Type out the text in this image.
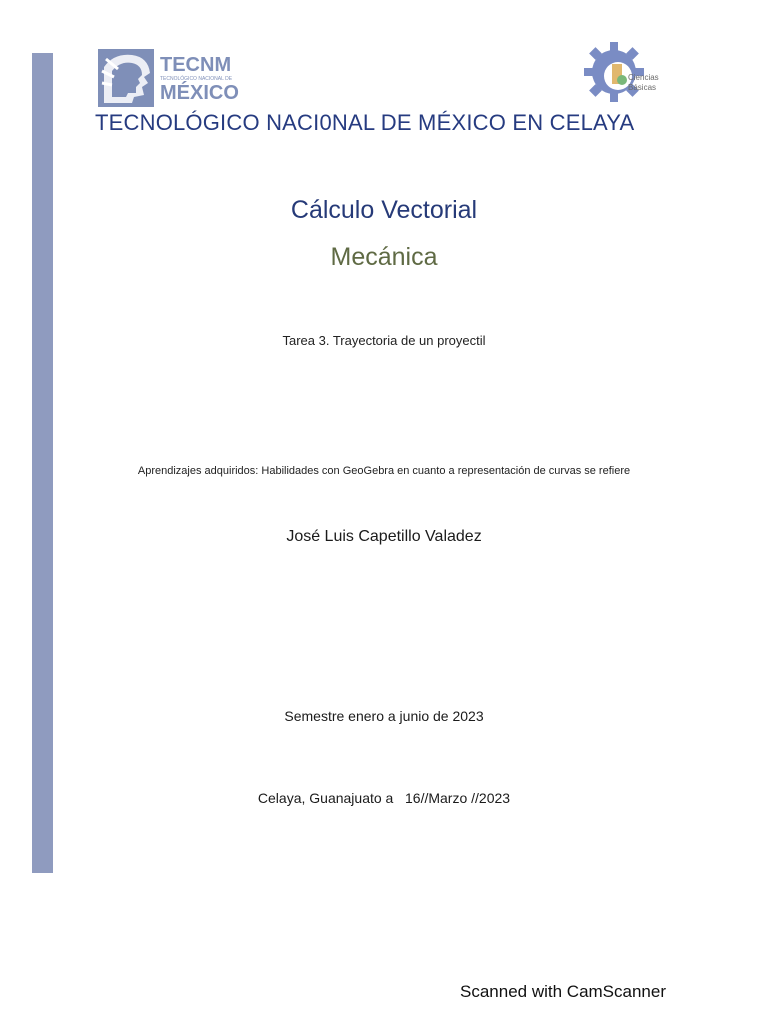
TECNM
TECNOLÓGICO NACIONAL DE
MÉXICO
Ciencias
Básicas
TECNOLÓGICO NACI0NAL DE MÉXICO EN CELAYA
Cálculo Vectorial
Mecánica
Tarea 3. Trayectoria de un proyectil
Aprendizajes adquiridos: Habilidades con GeoGebra en cuanto a representación de curvas se refiere
José Luis Capetillo Valadez
Semestre enero a junio de 2023
Celaya, Guanajuato a   16//Marzo //2023
Scanned with CamScanner
